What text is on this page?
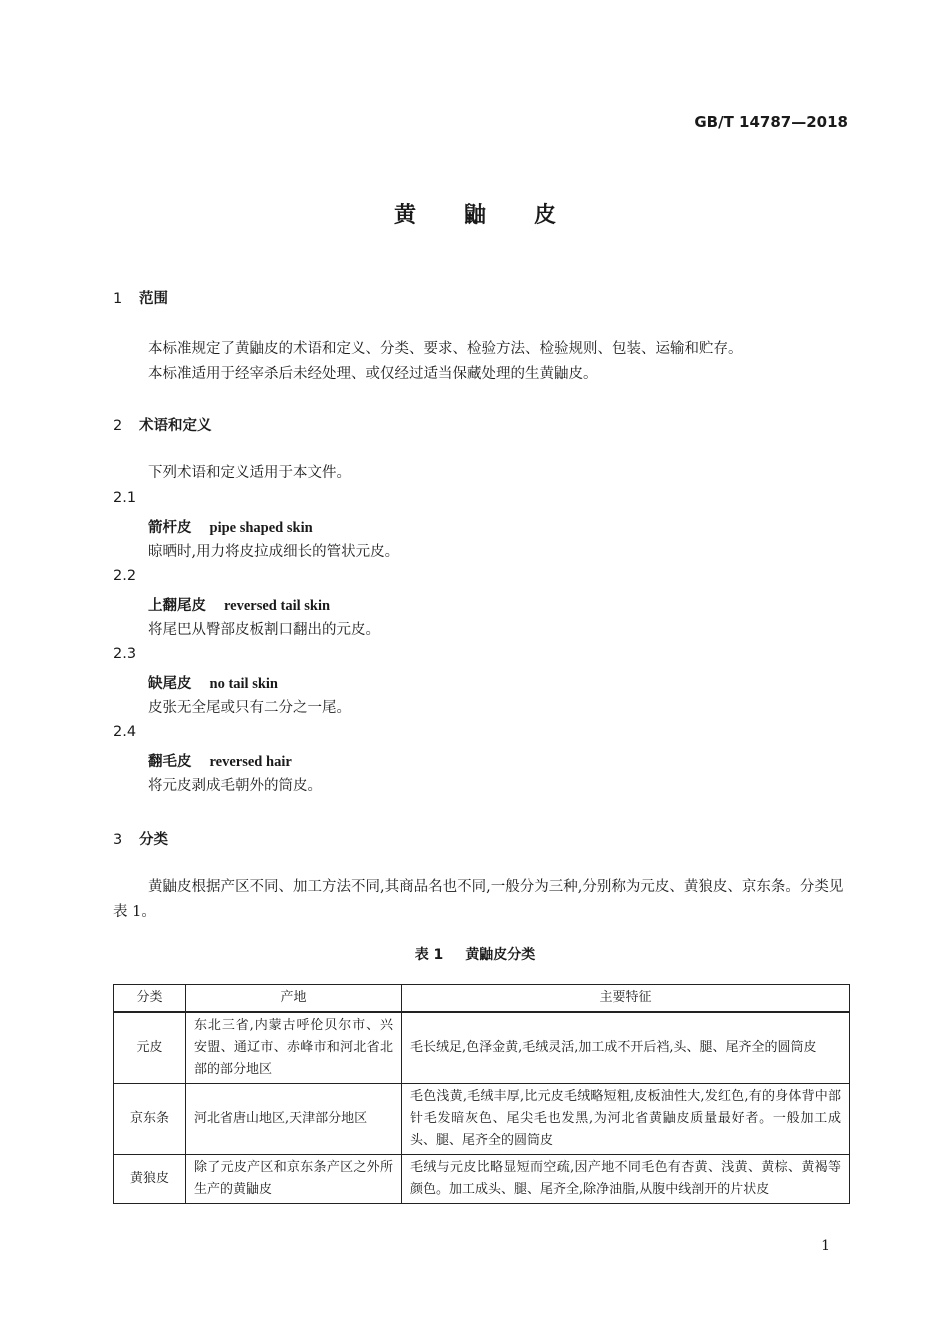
GB/T 14787—2018
黄鼬皮
1 范围
本标准规定了黄鼬皮的术语和定义、分类、要求、检验方法、检验规则、包装、运输和贮存。
本标准适用于经宰杀后未经处理、或仅经过适当保藏处理的生黄鼬皮。
2 术语和定义
下列术语和定义适用于本文件。
2.1
箭杆皮 pipe shaped skin
晾晒时,用力将皮拉成细长的管状元皮。
2.2
上翻尾皮 reversed tail skin
将尾巴从臀部皮板割口翻出的元皮。
2.3
缺尾皮 no tail skin
皮张无全尾或只有二分之一尾。
2.4
翻毛皮 reversed hair
将元皮剥成毛朝外的筒皮。
3 分类
黄鼬皮根据产区不同、加工方法不同,其商品名也不同,一般分为三种,分别称为元皮、黄狼皮、京东条。分类见表 1。
表 1 黄鼬皮分类
分类	产地	主要特征
元皮	东北三省,内蒙古呼伦贝尔市、兴安盟、通辽市、赤峰市和河北省北部的部分地区	毛长绒足,色泽金黄,毛绒灵活,加工成不开后裆,头、腿、尾齐全的圆筒皮
京东条	河北省唐山地区,天津部分地区	毛色浅黄,毛绒丰厚,比元皮毛绒略短粗,皮板油性大,发红色,有的身体背中部针毛发暗灰色、尾尖毛也发黑,为河北省黄鼬皮质量最好者。一般加工成头、腿、尾齐全的圆筒皮
黄狼皮	除了元皮产区和京东条产区之外所生产的黄鼬皮	毛绒与元皮比略显短而空疏,因产地不同毛色有杏黄、浅黄、黄棕、黄褐等颜色。加工成头、腿、尾齐全,除净油脂,从腹中线剖开的片状皮
1
